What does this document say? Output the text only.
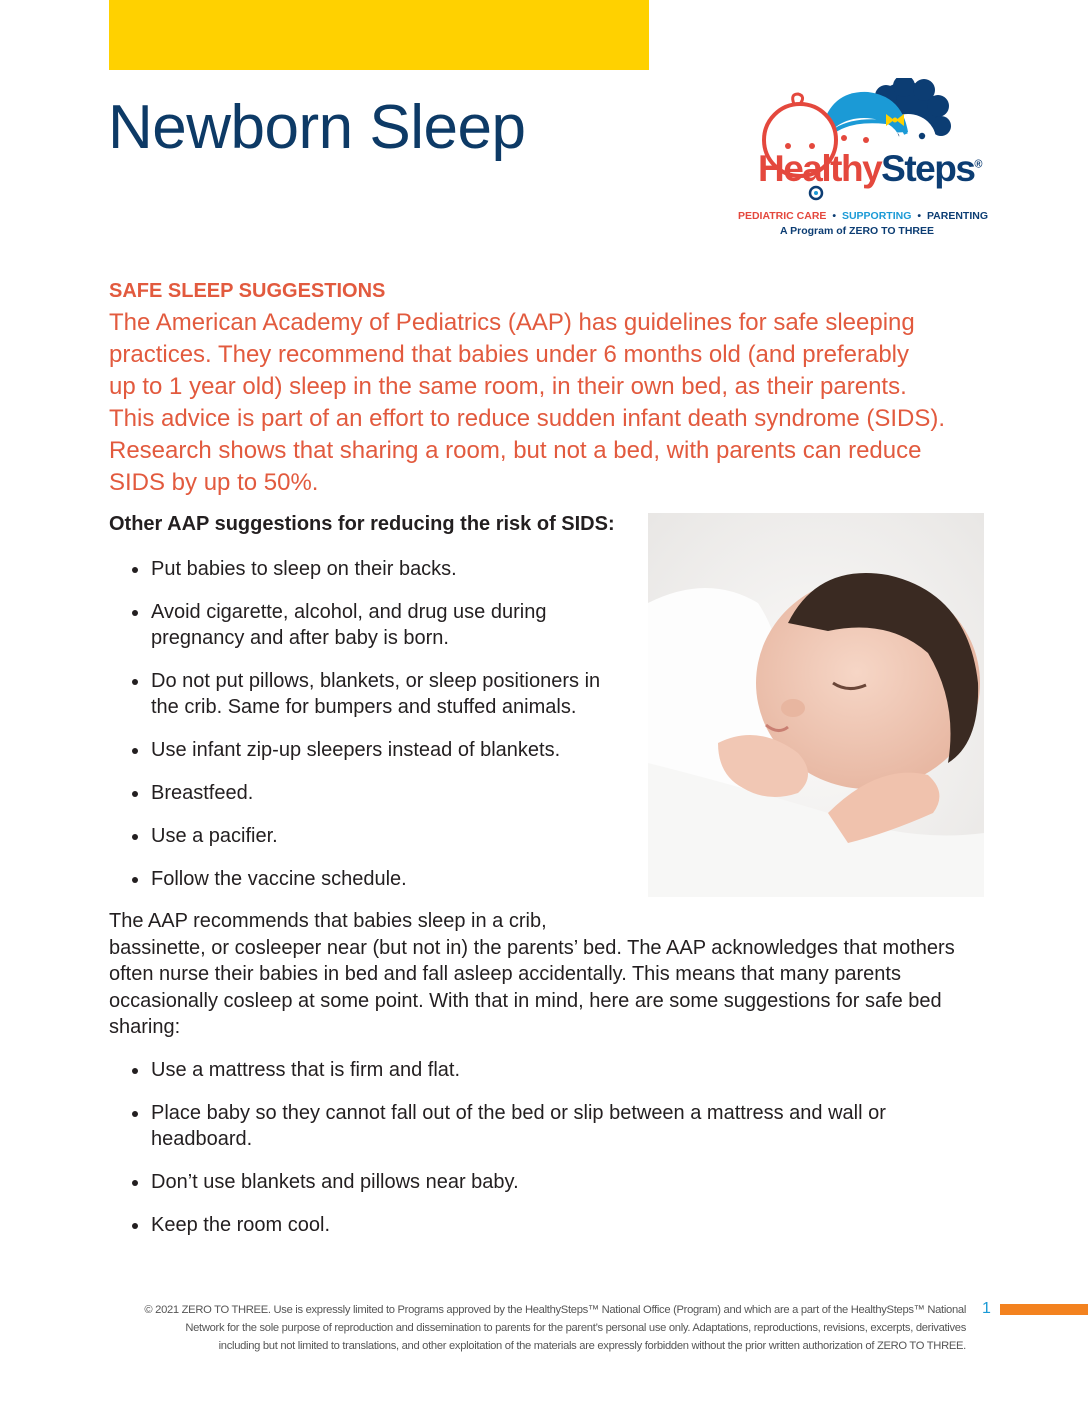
Newborn Sleep
HealthySteps®
PEDIATRIC CARE • SUPPORTING • PARENTING
A Program of ZERO TO THREE
SAFE SLEEP SUGGESTIONS

The American Academy of Pediatrics (AAP) has guidelines for safe sleeping
practices. They recommend that babies under 6 months old (and preferably
up to 1 year old) sleep in the same room, in their own bed, as their parents.
This advice is part of an effort to reduce sudden infant death syndrome (SIDS).
Research shows that sharing a room, but not a bed, with parents can reduce
SIDS by up to 50%.

Other AAP suggestions for reducing the risk of SIDS:
Put babies to sleep on their backs.
Avoid cigarette, alcohol, and drug use during pregnancy and after baby is born.
Do not put pillows, blankets, or sleep positioners in the crib. Same for bumpers and stuffed animals.
Use infant zip-up sleepers instead of blankets.
Breastfeed.
Use a pacifier.
Follow the vaccine schedule.

The AAP recommends that babies sleep in a crib,
bassinette, or cosleeper near (but not in) the parents’ bed. The AAP acknowledges that mothers often nurse their babies in bed and fall asleep accidentally. This means that many parents occasionally cosleep at some point. With that in mind, here are some suggestions for safe bed sharing:

Use a mattress that is firm and flat.
Place baby so they cannot fall out of the bed or slip between a mattress and wall or headboard.
Don’t use blankets and pillows near baby.
Keep the room cool.

© 2021 ZERO TO THREE. Use is expressly limited to Programs approved by the HealthySteps™ National Office (Program) and which are a part of the HealthySteps™ National
Network for the sole purpose of reproduction and dissemination to parents for the parent’s personal use only. Adaptations, reproductions, revisions, excerpts, derivatives
including but not limited to translations, and other exploitation of the materials are expressly forbidden without the prior written authorization of ZERO TO THREE.

1
